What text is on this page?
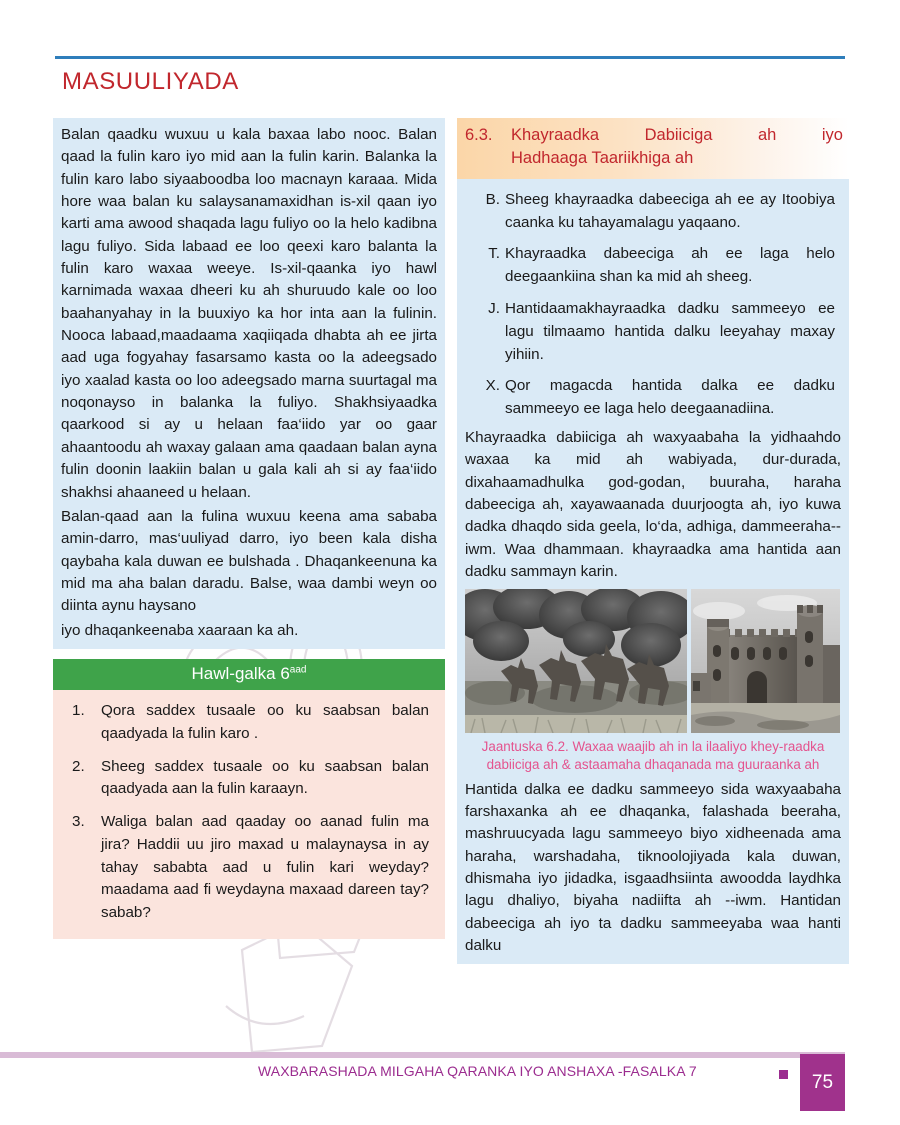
MASUULIYADA

Balan qaadku wuxuu u kala baxaa labo nooc. Balan qaad la fulin karo iyo mid aan la fulin karin. Balanka la fulin karo labo siyaaboodba loo macnayn karaaa. Mida hore waa balan ku salaysanamaxidhan is-xil qaan iyo karti ama awood shaqada lagu fuliyo oo la helo kadibna lagu fuliyo. Sida labaad ee loo qeexi karo balanta la fulin karo waxaa weeye. Is-xil-qaanka iyo hawl karnimada waxaa dheeri ku ah shuruudo kale oo loo baahanyahay in la buuxiyo ka hor inta aan la fulinin. Nooca labaad,maadaama xaqiiqada dhabta ah ee jirta aad uga fogyahay fasarsamo kasta oo la adeegsado iyo xaalad kasta oo loo adeegsado marna suurtagal ma noqonayso in balanka la fuliyo. Shakhsiyaadka qaarkood si ay u helaan faa‘iido yar oo gaar ahaantoodu ah waxay galaan ama qaadaan balan ayna fulin doonin laakiin balan u gala kali ah si ay faa‘iido shakhsi ahaaneed u helaan.

Balan-qaad aan la fulina wuxuu keena ama sababa amin-darro, mas‘uuliyad darro, iyo been kala disha qaybaha kala duwan ee bulshada . Dhaqankeenuna ka mid ma aha balan daradu. Balse, waa dambi weyn oo diinta aynu haysano

iyo dhaqankeenaba xaaraan ka ah.

Hawl-galka $6^{aad}$
Qora saddex tusaale oo ku saabsan balan qaadyada la fulin karo .
Sheeg saddex tusaale oo ku saabsan balan qaadyada aan la fulin karaayn.
Waliga balan aad qaaday oo aanad fulin ma jira? Haddii uu jiro maxad u malaynaysa in ay tahay sababta aad u fulin kari weyday? maadama aad fi weydayna maxaad dareen tay? sabab?
6.3.	Khayraadka Dabiiciga ah iyo
Hadhaaga Taariikhiga ah
B. Sheeg khayraadka dabeeciga ah ee ay Itoobiya caanka ku tahayamalagu yaqaano.
T. Khayraadka dabeeciga ah ee laga helo deegaankiina shan ka mid ah sheeg.
J. Hantidaamakhayraadka dadku sammeeyo ee lagu tilmaamo hantida dalku leeyahay maxay yihiin.
X. Qor magacda hantida dalka ee dadku sammeeyo ee laga helo deegaanadiina.

Khayraadka dabiiciga ah waxyaabaha la yidhaahdo waxaa ka mid ah wabiyada, dur-durada, dixahaamadhulka god-godan, buuraha, haraha dabeeciga ah, xayawaanada duurjoogta ah, iyo kuwa dadka dhaqdo sida geela, lo‘da, adhiga, dammeeraha--iwm. Waa dhammaan. khayraadka ama hantida aan dadku sammayn karin.

Jaantuska 6.2. Waxaa waajib ah in la ilaaliyo khey-raadka dabiiciga ah & astaamaha dhaqanada ma guuraanka ah

Hantida dalka ee dadku sammeeyo sida waxyaabaha farshaxanka ah ee dhaqanka, falashada beeraha, mashruucyada lagu sammeeyo biyo xidheenada ama haraha, warshadaha, tiknoolojiyada kala duwan, dhismaha iyo jidadka, isgaadhsiinta awoodda laydhka lagu dhaliyo, biyaha nadiifta ah --iwm. Hantidan dabeeciga ah iyo ta dadku sammeeyaba waa hanti dalku

WAXBARASHADA MILGAHA QARANKA IYO ANSHAXA -FASALKA 7
75
